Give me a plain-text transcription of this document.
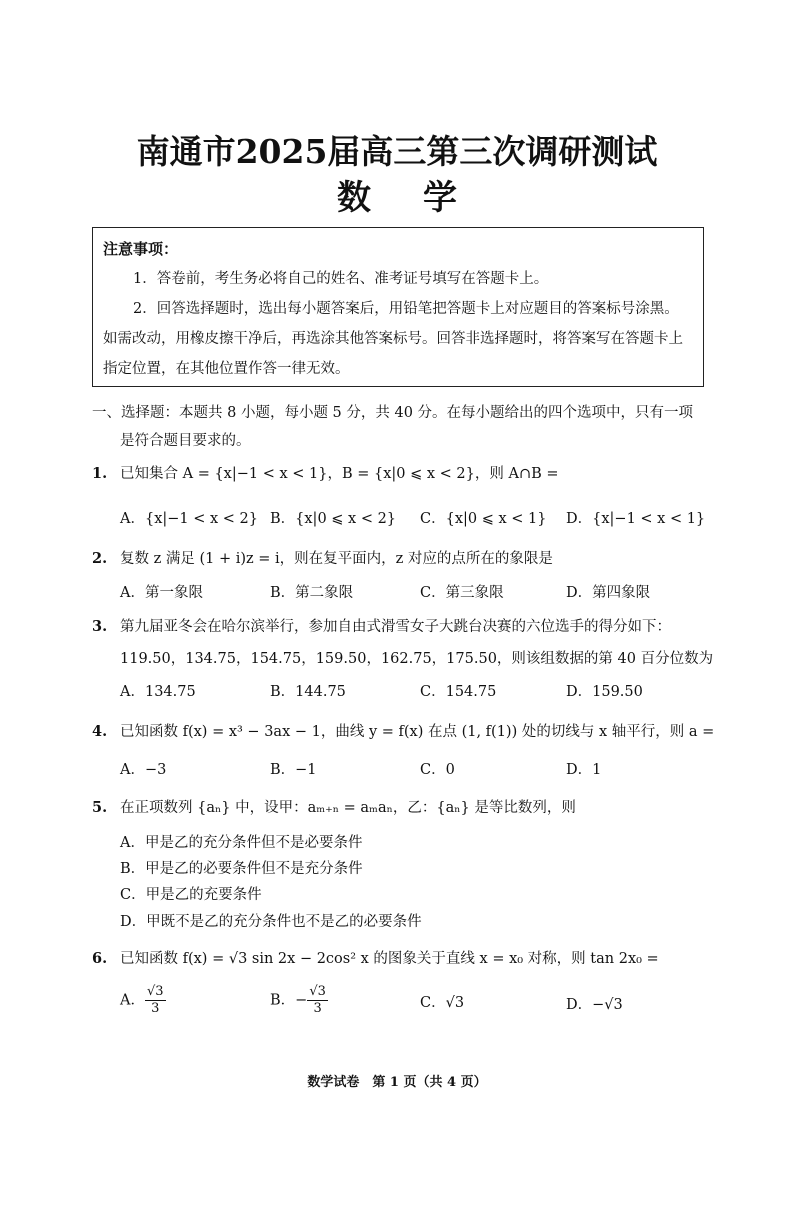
南通市2025届高三第三次调研测试
数学
注意事项：

1．答卷前，考生务必将自己的姓名、准考证号填写在答题卡上。

2．回答选择题时，选出每小题答案后，用铅笔把答题卡上对应题目的答案标号涂黑。

如需改动，用橡皮擦干净后，再选涂其他答案标号。回答非选择题时，将答案写在答题卡上

指定位置，在其他位置作答一律无效。

一、选择题：本题共 8 小题，每小题 5 分，共 40 分。在每小题给出的四个选项中，只有一项
是符合题目要求的。
1. 已知集合 A = {x|−1 < x < 1}，B = {x|0 ⩽ x < 2}，则 A∩B =
A．{x|−1 < x < 2} B．{x|0 ⩽ x < 2} C．{x|0 ⩽ x < 1} D．{x|−1 < x < 1}
2. 复数 z 满足 (1 + i)z = i，则在复平面内，z 对应的点所在的象限是
A．第一象限	B．第二象限	C．第三象限	D．第四象限
3. 第九届亚冬会在哈尔滨举行，参加自由式滑雪女子大跳台决赛的六位选手的得分如下：
119.50，134.75，154.75，159.50，162.75，175.50，则该组数据的第 40 百分位数为
A．134.75	B．144.75	C．154.75	D．159.50
4. 已知函数 f(x) = x³ − 3ax − 1，曲线 y = f(x) 在点 (1, f(1)) 处的切线与 x 轴平行，则 a =
A．−3	B．−1	C．0	D．1
5. 在正项数列 {aₙ} 中，设甲：aₘ₊ₙ = aₘaₙ，乙：{aₙ} 是等比数列，则
A．甲是乙的充分条件但不是必要条件
B．甲是乙的必要条件但不是充分条件
C．甲是乙的充要条件
D．甲既不是乙的充分条件也不是乙的必要条件
6. 已知函数 f(x) = √3 sin 2x − 2cos² x 的图象关于直线 x = x₀ 对称，则 tan 2x₀ =
A． $\frac{√3}{3}$	B．− $\frac{√3}{3}$	C．√3	D．−√3
数学试卷　第 1 页（共 4 页）
